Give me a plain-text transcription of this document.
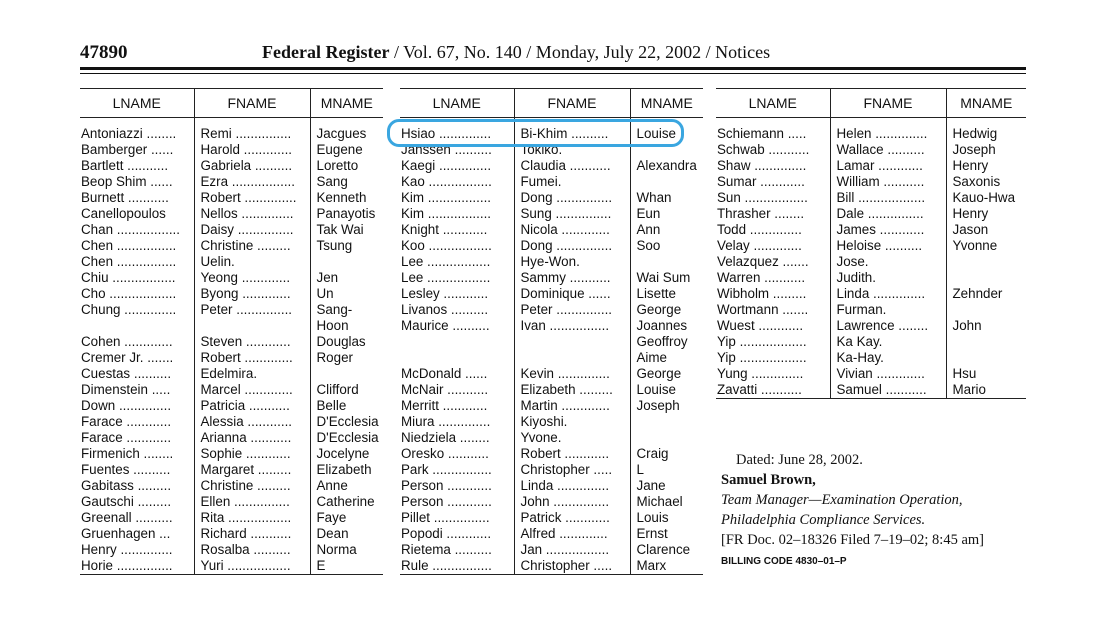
47890	Federal Register / Vol. 67, No. 140 / Monday, July 22, 2002 / Notices
LNAME	FNAME	MNAME
Antoniazzi ........	Remi ...............	Jacgues
Bamberger ......	Harold .............	Eugene
Bartlett ...........	Gabriela ..........	Loretto
Beop Shim ......	Ezra .................	Sang
Burnett ...........	Robert ..............	Kenneth
Canellopoulos	Nellos ..............	Panayotis
Chan .................	Daisy ...............	Tak Wai
Chen ................	Christine .........	Tsung
Chen ................	Uelin.	
Chiu .................	Yeong .............	Jen
Cho ..................	Byong .............	Un
Chung ..............	Peter ...............	Sang-
		Hoon
Cohen .............	Steven ............	Douglas
Cremer Jr. .......	Robert .............	Roger
Cuestas ..........	Edelmira.	
Dimenstein .....	Marcel .............	Clifford
Down ..............	Patricia ...........	Belle
Farace ............	Alessia ............	D'Ecclesia
Farace ............	Arianna ...........	D'Ecclesia
Firmenich ........	Sophie ............	Jocelyne
Fuentes ..........	Margaret .........	Elizabeth
Gabitass .........	Christine .........	Anne
Gautschi .........	Ellen ...............	Catherine
Greenall ..........	Rita .................	Faye
Gruenhagen ...	Richard ...........	Dean
Henry ..............	Rosalba ..........	Norma
Horie ...............	Yuri .................	E
LNAME	FNAME	MNAME
Hsiao ..............	Bi-Khim ..........	Louise
Janssen ..........	Tokiko.	
Kaegi ..............	Claudia ...........	Alexandra
Kao .................	Fumei.	
Kim .................	Dong ...............	Whan
Kim .................	Sung ...............	Eun
Knight ............	Nicola .............	Ann
Koo .................	Dong ...............	Soo
Lee .................	Hye-Won.	
Lee .................	Sammy ...........	Wai Sum
Lesley ............	Dominique ......	Lisette
Livanos ..........	Peter ...............	George
Maurice ..........	Ivan ................	Joannes
		Geoffroy
		Aime
McDonald ......	Kevin ..............	George
McNair ...........	Elizabeth .........	Louise
Merritt ............	Martin .............	Joseph
Miura ..............	Kiyoshi.	
Niedziela ........	Yvone.	
Oresko ...........	Robert ............	Craig
Park ................	Christopher .....	L
Person ............	Linda ..............	Jane
Person ............	John ...............	Michael
Pillet ...............	Patrick ............	Louis
Popodi ............	Alfred .............	Ernst
Rietema ..........	Jan .................	Clarence
Rule ................	Christopher .....	Marx
LNAME	FNAME	MNAME
Schiemann .....	Helen ..............	Hedwig
Schwab ...........	Wallace ..........	Joseph
Shaw ..............	Lamar ............	Henry
Sumar ............	William ...........	Saxonis
Sun .................	Bill ..................	Kauo-Hwa
Thrasher ........	Dale ...............	Henry
Todd ..............	James ............	Jason
Velay .............	Heloise ..........	Yvonne
Velazquez .......	Jose.	
Warren ...........	Judith.	
Wibholm .........	Linda ..............	Zehnder
Wortmann .......	Furman.	
Wuest ............	Lawrence ........	John
Yip ..................	Ka Kay.	
Yip ..................	Ka-Hay.	
Yung ..............	Vivian .............	Hsu
Zavatti ...........	Samuel ...........	Mario
Dated: June 28, 2002.
Samuel Brown,
Team Manager—Examination Operation,
Philadelphia Compliance Services.
[FR Doc. 02–18326 Filed 7–19–02; 8:45 am]
BILLING CODE 4830–01–P
